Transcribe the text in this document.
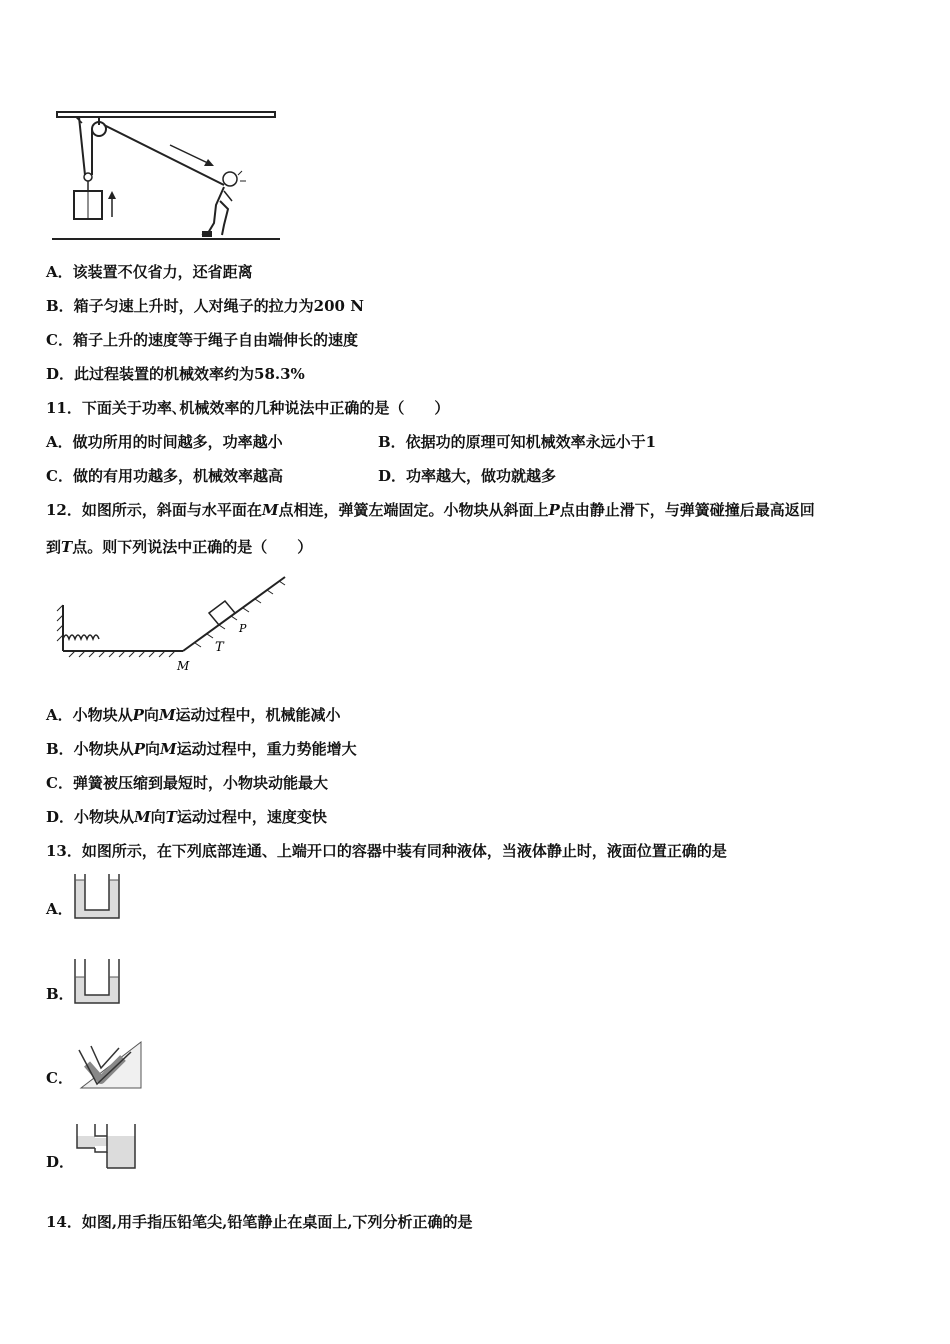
A．该装置不仅省力，还省距离
B．箱子匀速上升时，人对绳子的拉力为200 N
C．箱子上升的速度等于绳子自由端伸长的速度
D．此过程装置的机械效率约为58.3%
11．下面关于功率､机械效率的几种说法中正确的是（　　）
A．做功所用的时间越多，功率越小	B．依据功的原理可知机械效率永远小于1
C．做的有用功越多，机械效率越高	D．功率越大，做功就越多
12．如图所示，斜面与水平面在M点相连，弹簧左端固定。小物块从斜面上P点由静止滑下，与弹簧碰撞后最高返回
到T点。则下列说法中正确的是（　　）
P
T
M
A．小物块从P向M运动过程中，机械能减小
B．小物块从P向M运动过程中，重力势能增大
C．弹簧被压缩到最短时，小物块动能最大
D．小物块从M向T运动过程中，速度变快
13．如图所示，在下列底部连通、上端开口的容器中装有同种液体，当液体静止时，液面位置正确的是
A．
B．
C．
D．
14．如图,用手指压铅笔尖,铅笔静止在桌面上,下列分析正确的是
